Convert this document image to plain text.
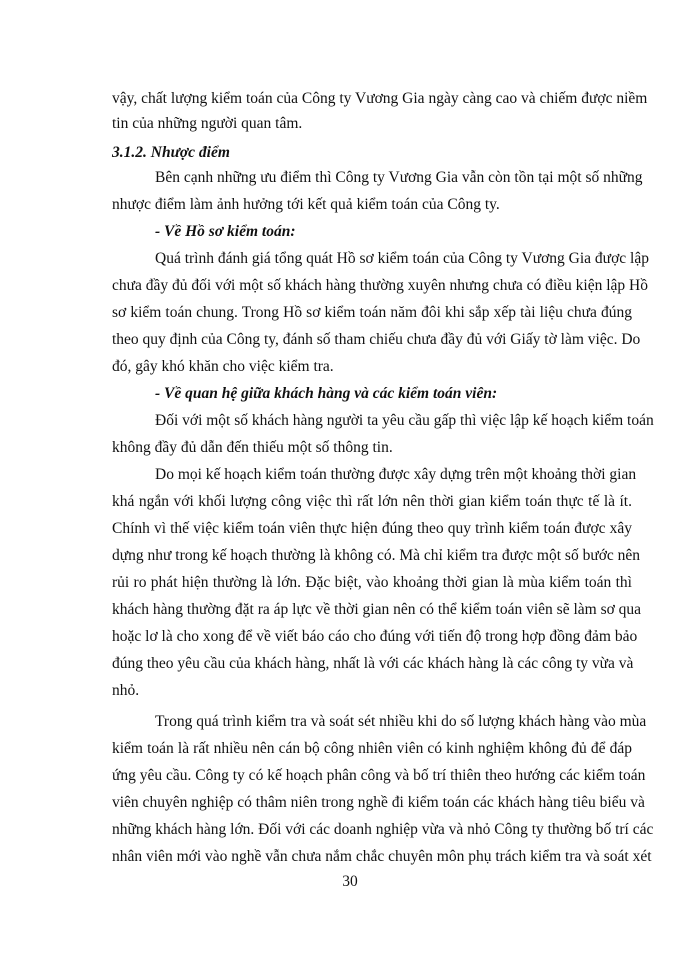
vậy, chất lượng kiểm toán của Công ty Vương Gia ngày càng cao và chiếm được niềm

tin của những người quan tâm.

3.1.2. Nhược điểm

Bên cạnh những ưu điểm thì Công ty Vương Gia vẫn còn tồn tại một số những

nhược điểm làm ảnh hưởng tới kết quả kiểm toán của Công ty.

- Về Hồ sơ kiểm toán:

Quá trình đánh giá tổng quát Hồ sơ kiểm toán của Công ty Vương Gia được lập

chưa đầy đủ đối với một số khách hàng thường xuyên nhưng chưa có điều kiện lập Hồ

sơ kiểm toán chung. Trong Hồ sơ kiểm toán năm đôi khi sắp xếp tài liệu chưa đúng

theo quy định của Công ty, đánh số tham chiếu chưa đầy đủ với Giấy tờ làm việc. Do

đó, gây khó khăn cho việc kiểm tra.

- Về quan hệ giữa khách hàng và các kiểm toán viên:

Đối với một số khách hàng người ta yêu cầu gấp thì việc lập kế hoạch kiểm toán

không đầy đủ dẫn đến thiếu một số thông tin.

Do mọi kế hoạch kiểm toán thường được xây dựng trên một khoảng thời gian

khá ngắn với khối lượng công việc thì rất lớn nên thời gian kiểm toán thực tế là ít.

Chính vì thế việc kiểm toán viên thực hiện đúng theo quy trình kiểm toán được xây

dựng như trong kế hoạch thường là không có. Mà chỉ kiểm tra được một số bước nên

rủi ro phát hiện thường là lớn. Đặc biệt, vào khoảng thời gian là mùa kiểm toán thì

khách hàng thường đặt ra áp lực về thời gian nên có thể kiểm toán viên sẽ làm sơ qua

hoặc lơ là cho xong để về viết báo cáo cho đúng với tiến độ trong hợp đồng đảm bảo

đúng theo yêu cầu của khách hàng, nhất là với các khách hàng là các công ty vừa và

nhỏ.

Trong quá trình kiểm tra và soát sét nhiều khi do số lượng khách hàng vào mùa

kiểm toán là rất nhiều nên cán bộ công nhiên viên có kinh nghiệm không đủ để đáp

ứng yêu cầu. Công ty có kế hoạch phân công và bố trí thiên theo hướng các kiểm toán

viên chuyên nghiệp có thâm niên trong nghề đi kiểm toán các khách hàng tiêu biểu và

những khách hàng lớn. Đối với các doanh nghiệp vừa và nhỏ Công ty thường bố trí các

nhân viên mới vào nghề vẫn chưa nắm chắc chuyên môn phụ trách kiểm tra và soát xét

30
